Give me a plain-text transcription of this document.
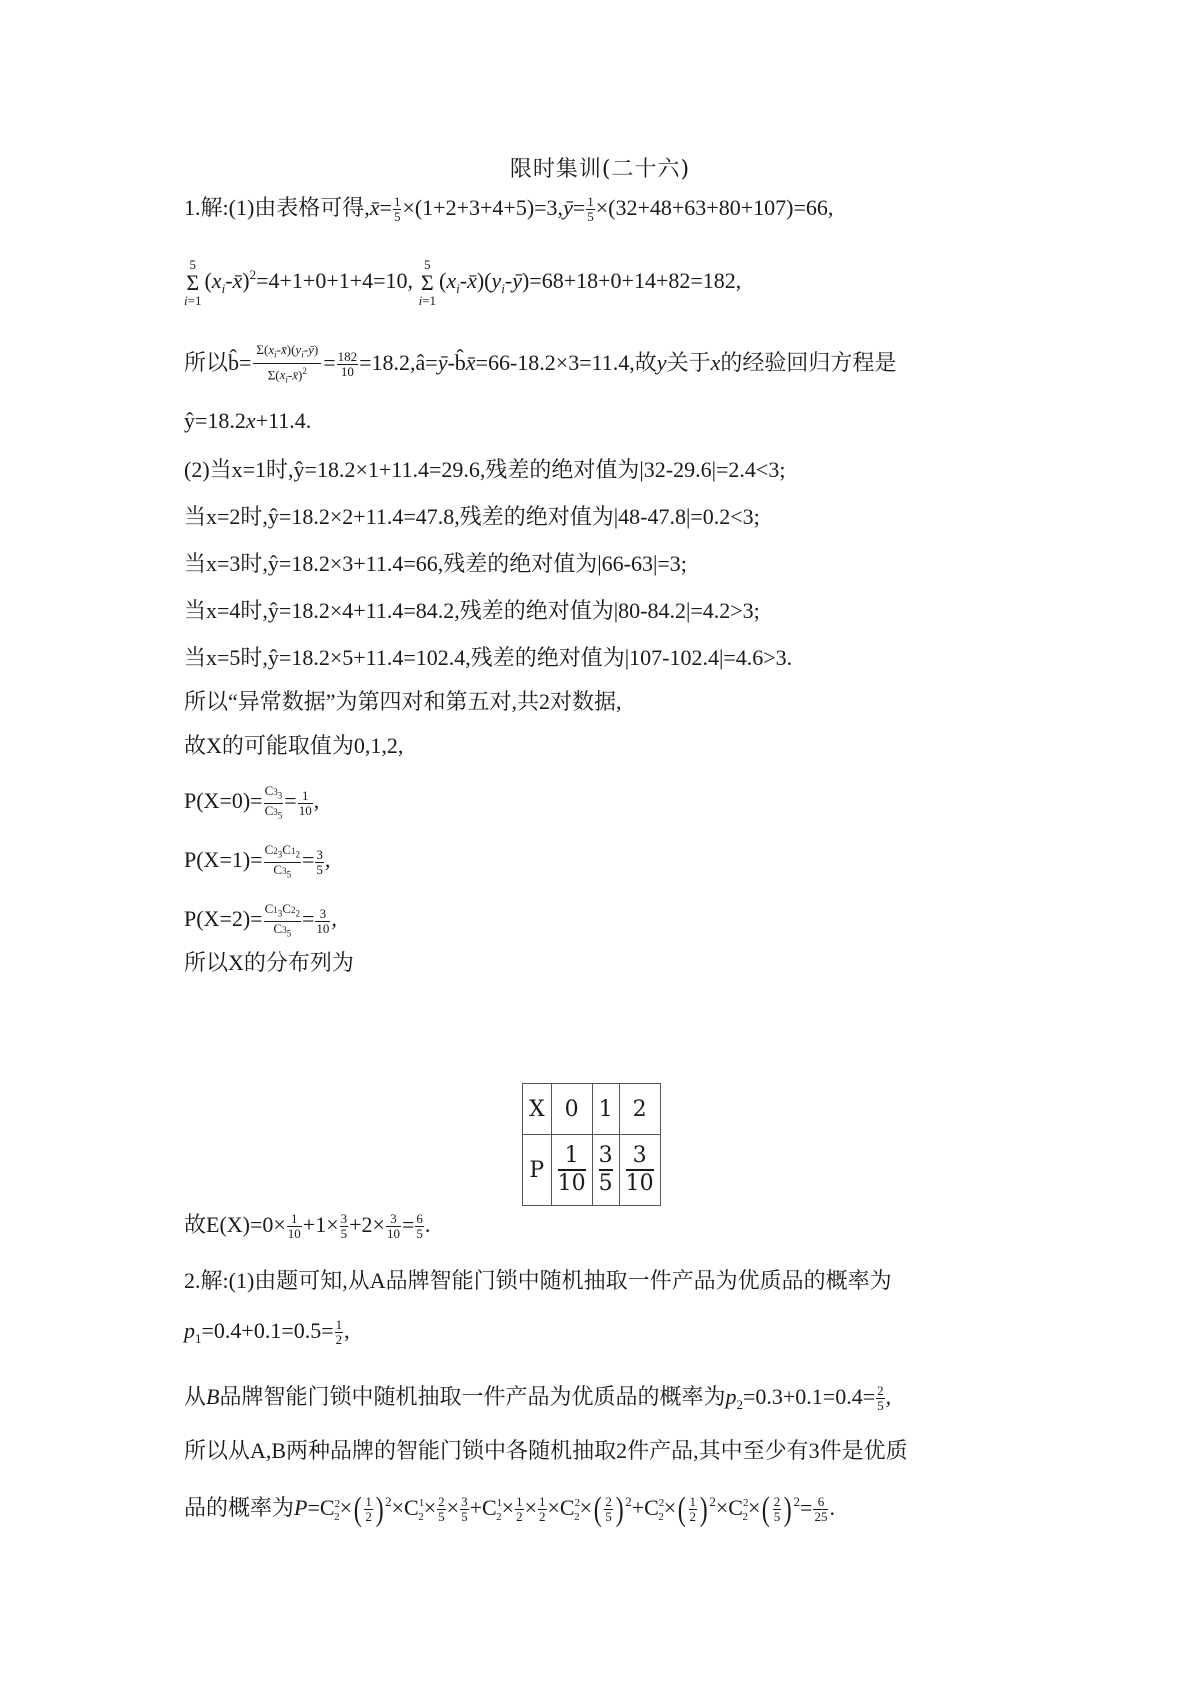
限时集训(二十六)
1.解:(1)由表格可得,x̄= $\frac{1}{5}$ ×(1+2+3+4+5)=3,ȳ= $\frac{1}{5} \times(32+48+63+80+107)=66$,
5
Σ
$i=1(x_i-x̄)^2=4+1+0+1+4=10$, 5
Σ
$i=1(x_i-x̄)(y_i-ȳ)=68+18+0+14+82=182$,
所以b̂= $\frac{\Sigma(x_i-x̄)(y_i-ȳ)}{\Sigma(x_i-x̄)^2} = \frac{182}{10}$ =18.2,â=ȳ-b̂x̄=66-18.2×3=11.4,故y关于x的经验回归方程是
ŷ=18.2x+11.4.
(2)当x=1时,ŷ=18.2×1+11.4=29.6,残差的绝对值为|32-29.6|=2.4<3;
当x=2时,ŷ=18.2×2+11.4=47.8,残差的绝对值为|48-47.8|=0.2<3;
当x=3时,ŷ=18.2×3+11.4=66,残差的绝对值为|66-63|=3;
当x=4时,ŷ=18.2×4+11.4=84.2,残差的绝对值为|80-84.2|=4.2>3;
当x=5时,ŷ=18.2×5+11.4=102.4,残差的绝对值为|107-102.4|=4.6>3.
所以“异常数据”为第四对和第五对,共2对数据,
故X的可能取值为0,1,2,
$P(X=0)= \frac{C3_3}{C3_5} = \frac{1}{10}$ ,
$P(X=1)= \frac{C2_3C1_2}{C3_5} = \frac{3}{5}$ ,
$P(X=2)= \frac{C1_3C2_2}{C3_5} = \frac{3}{10}$ ,
所以X的分布列为
X	0	1	2
P	$\frac{1}{10}$	$\frac{3}{5}$	$\frac{3}{10}$
故$E(X)=0\times \frac{1}{10} +1\times \frac{3}{5} +2\times \frac{3}{10} = \frac{6}{5}$ .
2.解:(1)由题可知,从A品牌智能门锁中随机抽取一件产品为优质品的概率为
$p_1=0.4+0.1=0.5= \frac{1}{2}$ ,
从B品牌智能门锁中随机抽取一件产品为优质品的概率为$p_2=0.3+0.1=0.4= \frac{2}{5}$ ,
所以从A,B两种品牌的智能门锁中各随机抽取2件产品,其中至少有3件是优质
品的概率为$P=C^2_2\times( \frac{1}{2}$ ) $^2\times C^1_2\times \frac{2}{5} \times \frac{3}{5} +C^1_2\times \frac{1}{2} \times \frac{1}{2} \times C^2_2\times( \frac{2}{5}$ ) $^2+C^2_2\times( \frac{1}{2}$ ) $^2\times C^2_2\times( \frac{2}{5}$ ) $^2= \frac{6}{25}$ .
